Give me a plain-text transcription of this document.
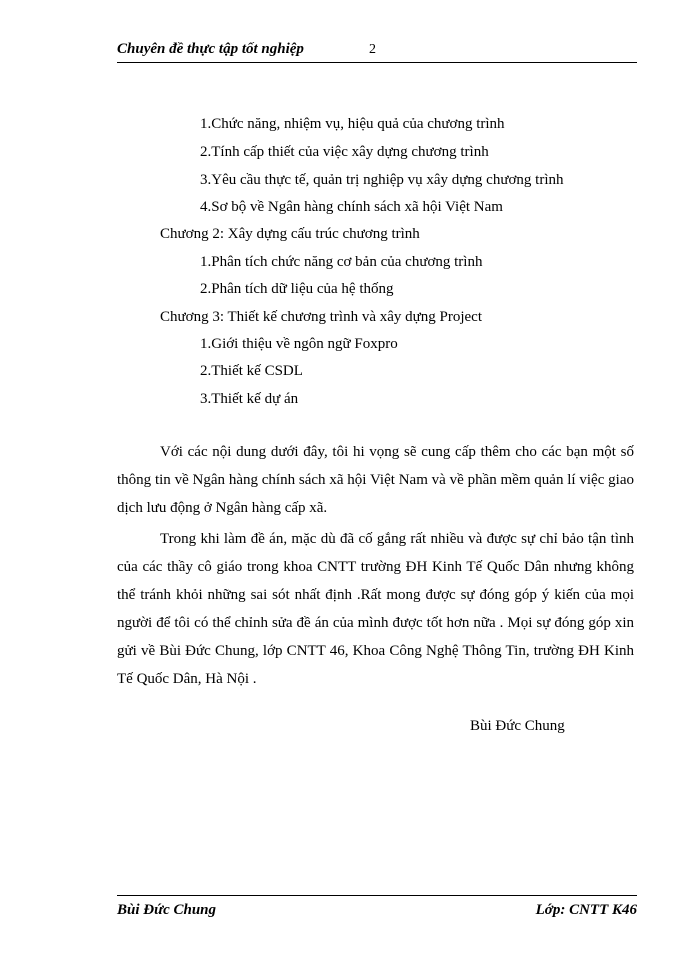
Chuyên đề thực tập tốt nghiệp	2
1.Chức năng, nhiệm vụ, hiệu quả của chương trình
2.Tính cấp thiết của việc xây dựng chương trình
3.Yêu cầu thực tế, quản trị nghiệp vụ xây dựng chương trình
4.Sơ bộ về Ngân hàng chính sách xã hội Việt Nam
Chương 2: Xây dựng cấu trúc chương trình
1.Phân tích chức năng cơ bản của chương trình
2.Phân tích dữ liệu của hệ thống
Chương 3: Thiết kế chương trình và xây dựng Project
1.Giới thiệu về ngôn ngữ Foxpro
2.Thiết kế CSDL
3.Thiết kế dự án

Với các nội dung dưới đây, tôi hi vọng sẽ cung cấp thêm cho các bạn một số thông tin về Ngân hàng chính sách xã hội Việt Nam và về phần mềm quản lí việc giao dịch lưu động ở Ngân hàng cấp xã.

Trong khi làm đề án, mặc dù đã cố gắng rất nhiều và được sự chỉ bảo tận tình của các thầy cô giáo trong khoa CNTT trường ĐH Kinh Tế Quốc Dân nhưng không thể tránh khỏi những sai sót nhất định .Rất mong được sự đóng góp ý kiến của mọi người để tôi có thể chỉnh sửa đề án của mình được tốt hơn nữa . Mọi sự đóng góp xin gửi về Bùi Đức Chung, lớp CNTT 46, Khoa Công Nghệ Thông Tin, trường ĐH Kinh Tế Quốc Dân, Hà Nội .

Bùi Đức Chung
Bùi Đức Chung	Lớp: CNTT K46
